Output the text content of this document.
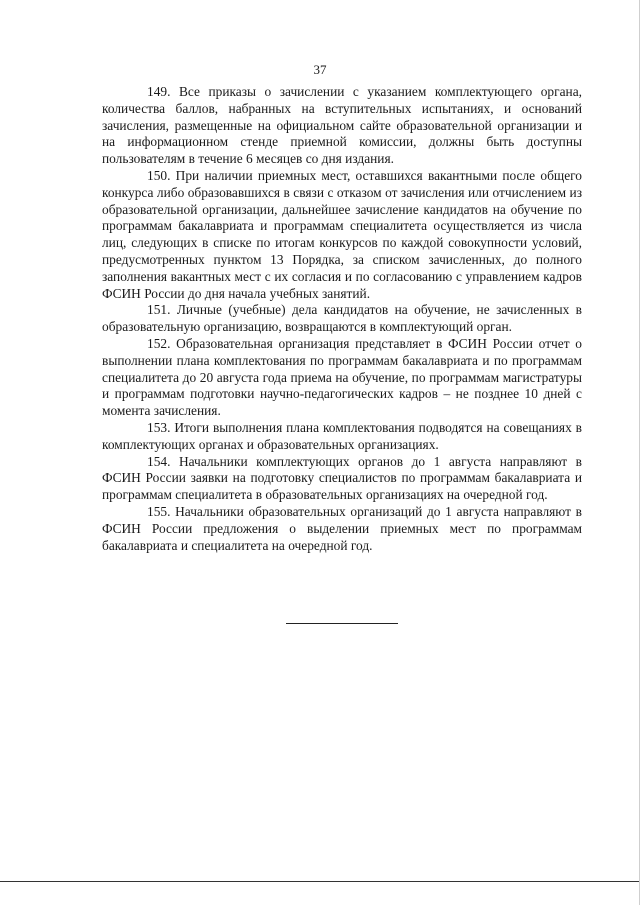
37

149. Все приказы о зачислении с указанием комплектующего органа, количества баллов, набранных на вступительных испытаниях, и оснований зачисления, размещенные на официальном сайте образовательной организации и на информационном стенде приемной комиссии, должны быть доступны пользователям в течение 6 месяцев со дня издания.

150. При наличии приемных мест, оставшихся вакантными после общего конкурса либо образовавшихся в связи с отказом от зачисления или отчислением из образовательной организации, дальнейшее зачисление кандидатов на обучение по программам бакалавриата и программам специалитета осуществляется из числа лиц, следующих в списке по итогам конкурсов по каждой совокупности условий, предусмотренных пунктом 13 Порядка, за списком зачисленных, до полного заполнения вакантных мест с их согласия и по согласованию с управлением кадров ФСИН России до дня начала учебных занятий.

151. Личные (учебные) дела кандидатов на обучение, не зачисленных в образовательную организацию, возвращаются в комплектующий орган.

152. Образовательная организация представляет в ФСИН России отчет о выполнении плана комплектования по программам бакалавриата и по программам специалитета до 20 августа года приема на обучение, по программам магистратуры и программам подготовки научно-педагогических кадров – не позднее 10 дней с момента зачисления.

153. Итоги выполнения плана комплектования подводятся на совещаниях в комплектующих органах и образовательных организациях.

154. Начальники комплектующих органов до 1 августа направляют в ФСИН России заявки на подготовку специалистов по программам бакалавриата и программам специалитета в образовательных организациях на очередной год.

155. Начальники образовательных организаций до 1 августа направляют в ФСИН России предложения о выделении приемных мест по программам бакалавриата и специалитета на очередной год.
